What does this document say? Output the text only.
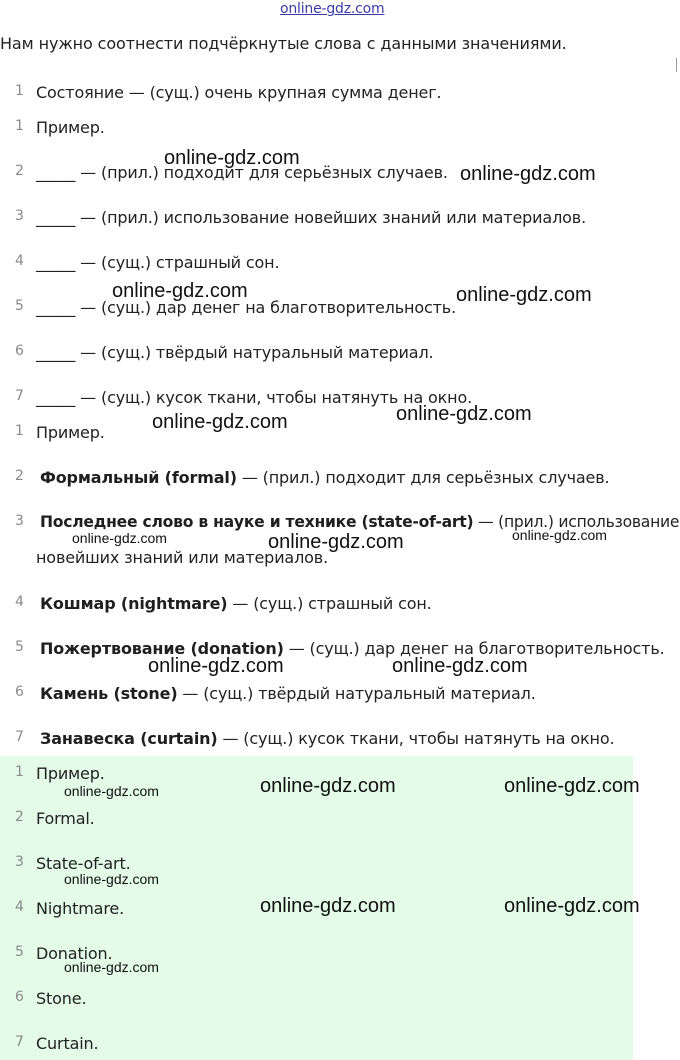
online-gdz.com
Нам нужно соотнести подчёркнутые слова с данными значениями.
1 Состояние — (сущ.) очень крупная сумма денег.
1 Пример.
2 _____ — (прил.) подходит для серьёзных случаев.
3 _____ — (прил.) использование новейших знаний или материалов.
4 _____ — (сущ.) страшный сон.
5 _____ — (сущ.) дар денег на благотворительность.
6 _____ — (сущ.) твёрдый натуральный материал.
7 _____ — (сущ.) кусок ткани, чтобы натянуть на окно.
1 Пример.
2 Формальный (formal) — (прил.) подходит для серьёзных случаев.
3 Последнее слово в науке и технике (state-of-art) — (прил.) использование
новейших знаний или материалов.
4 Кошмар (nightmare) — (сущ.) страшный сон.
5 Пожертвование (donation) — (сущ.) дар денег на благотворительность.
6 Камень (stone) — (сущ.) твёрдый натуральный материал.
7 Занавеска (curtain) — (сущ.) кусок ткани, чтобы натянуть на окно.
1 Пример.
2 Formal.
3 State-of-art.
4 Nightmare.
5 Donation.
6 Stone.
7 Curtain.
online-gdz.com
online-gdz.com
online-gdz.com	online-gdz.com
online-gdz.com
online-gdz.com
online-gdz.com	online-gdz.com	online-gdz.com
online-gdz.com	online-gdz.com
online-gdz.com	online-gdz.com	online-gdz.com
online-gdz.com
online-gdz.com	online-gdz.com
online-gdz.com
